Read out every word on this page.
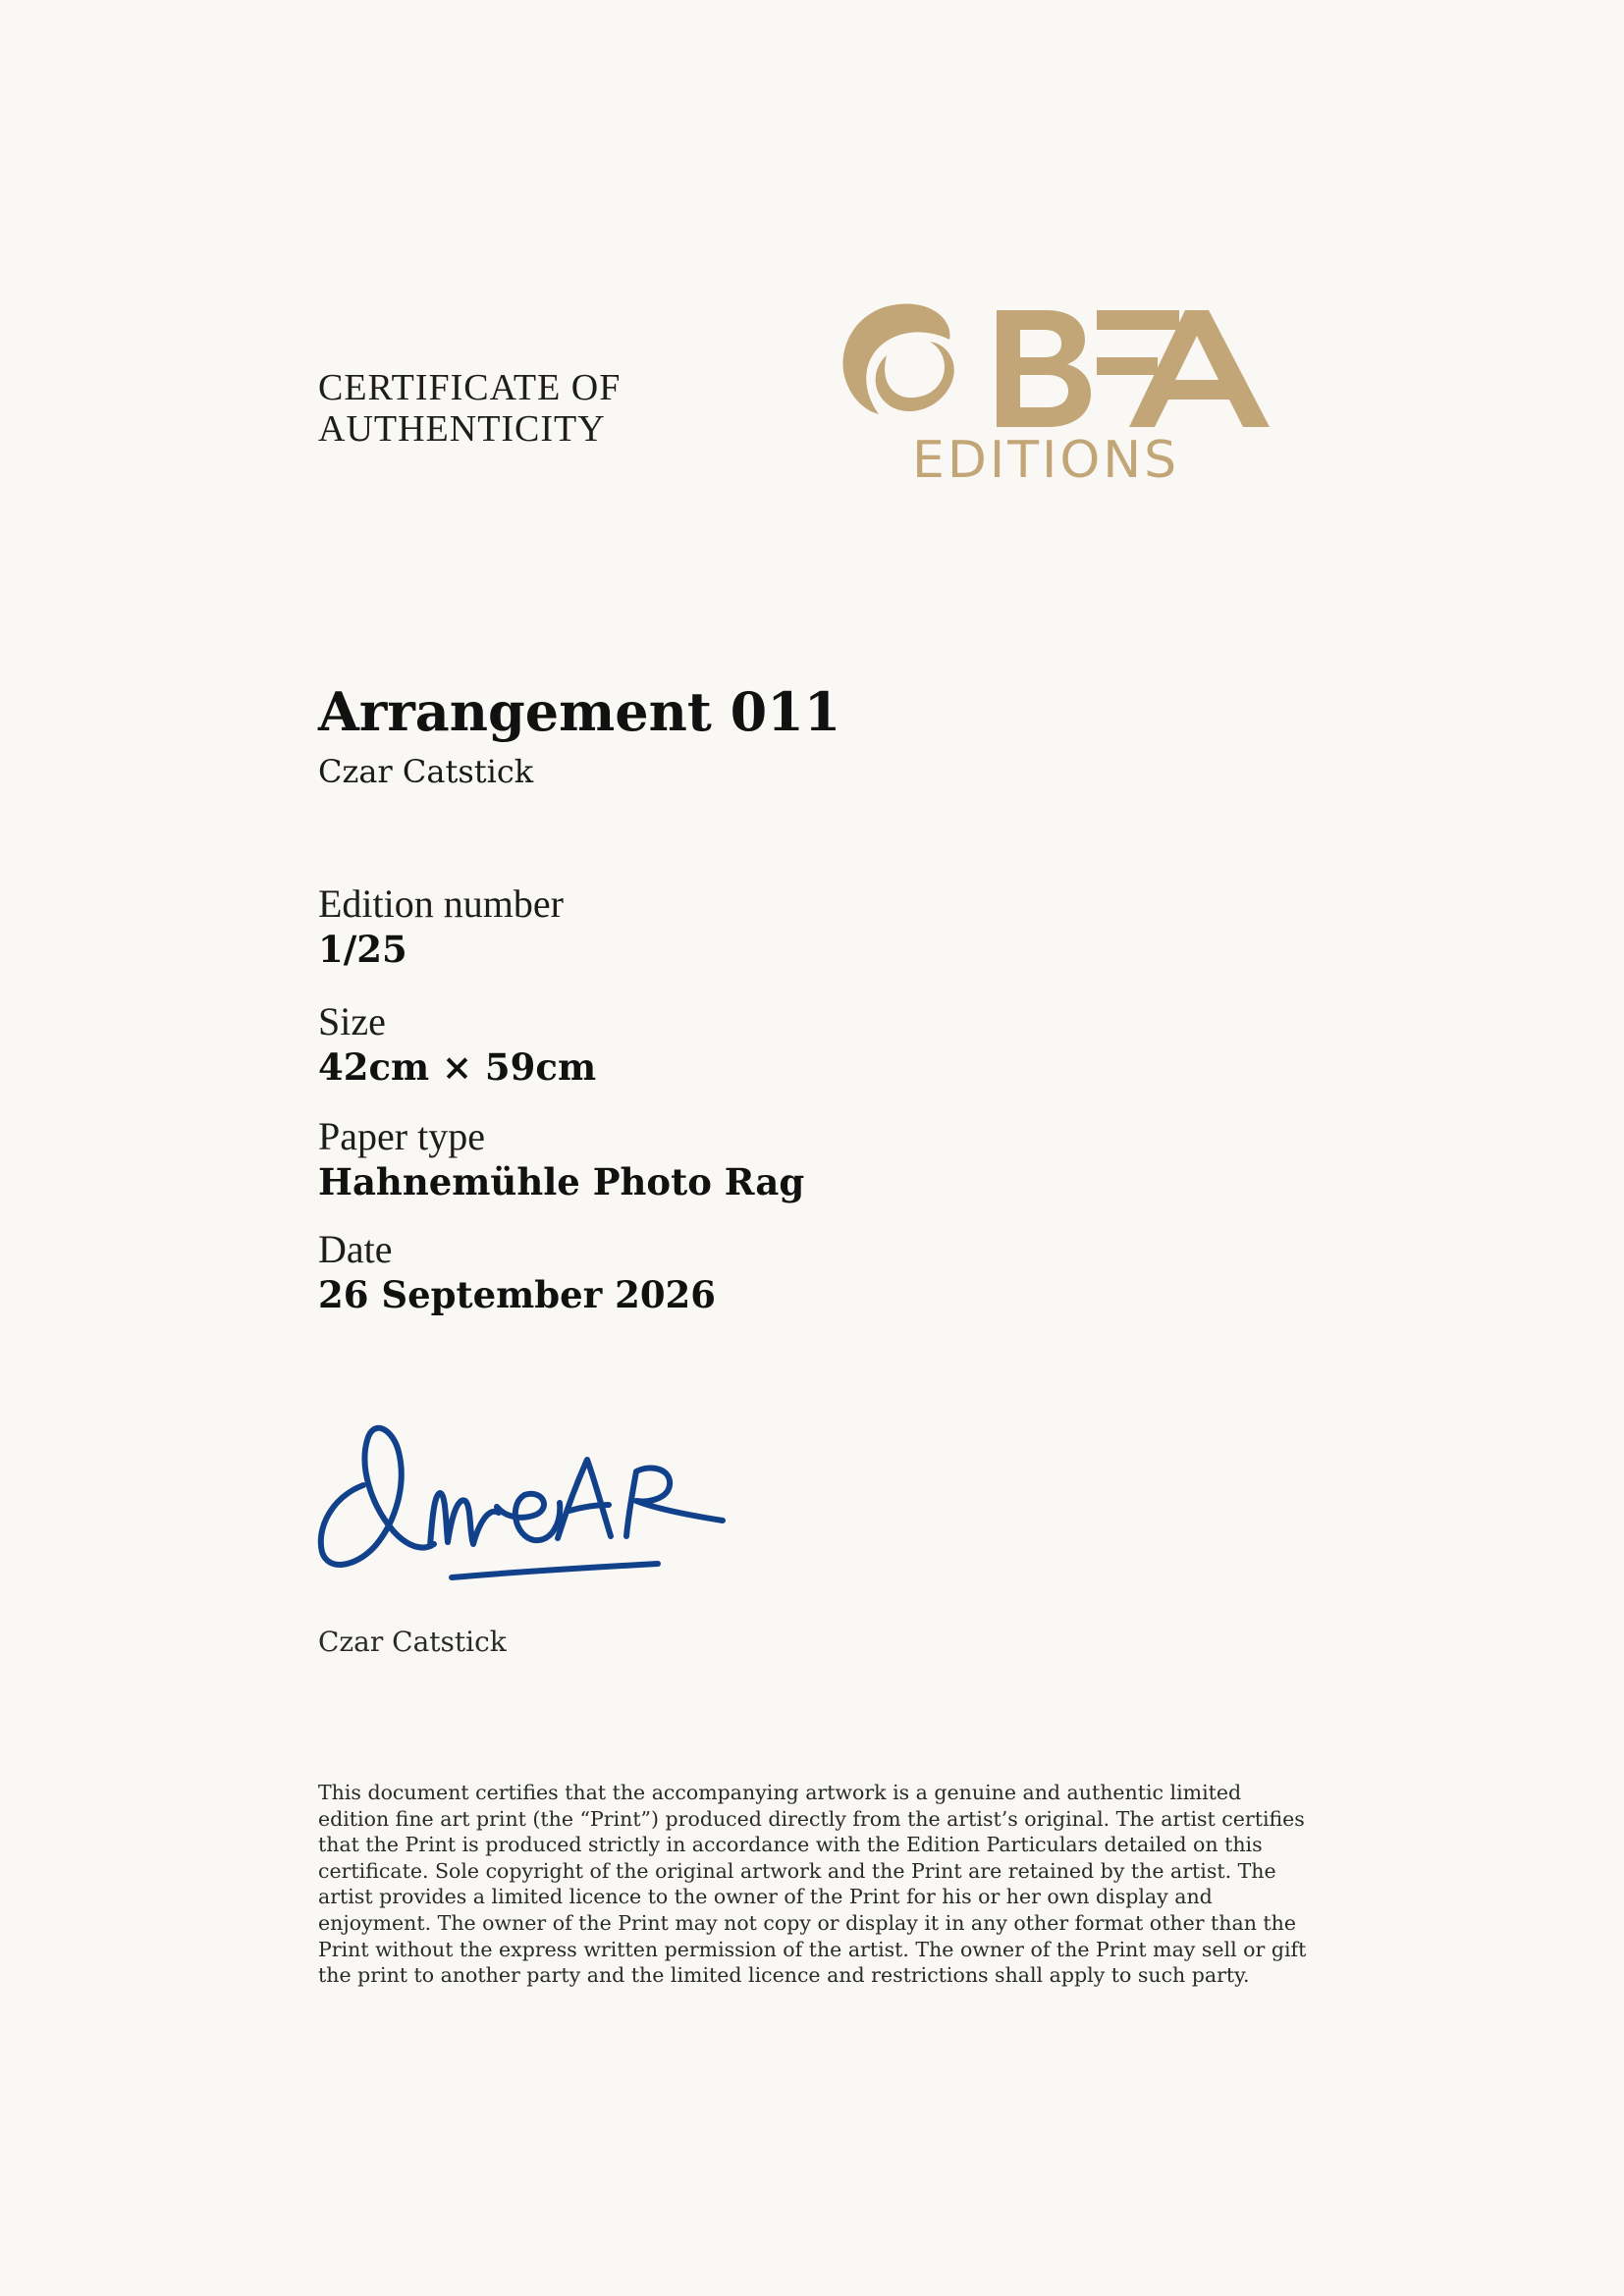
CERTIFICATE OF
AUTHENTICITY
EDITIONS
Arrangement 011
Czar Catstick
Edition number
1/25
Size
42cm × 59cm
Paper type
Hahnemühle Photo Rag
Date
26 September 2026
Czar Catstick

This document certifies that the accompanying artwork is a genuine and authentic limited edition fine art print (the “Print”) produced directly from the artist’s original. The artist certifies that the Print is produced strictly in accordance with the Edition Particulars detailed on this certificate. Sole copyright of the original artwork and the Print are retained by the artist. The artist provides a limited licence to the owner of the Print for his or her own display and enjoyment. The owner of the Print may not copy or display it in any other format other than the Print without the express written permission of the artist. The owner of the Print may sell or gift the print to another party and the limited licence and restrictions shall apply to such party.
